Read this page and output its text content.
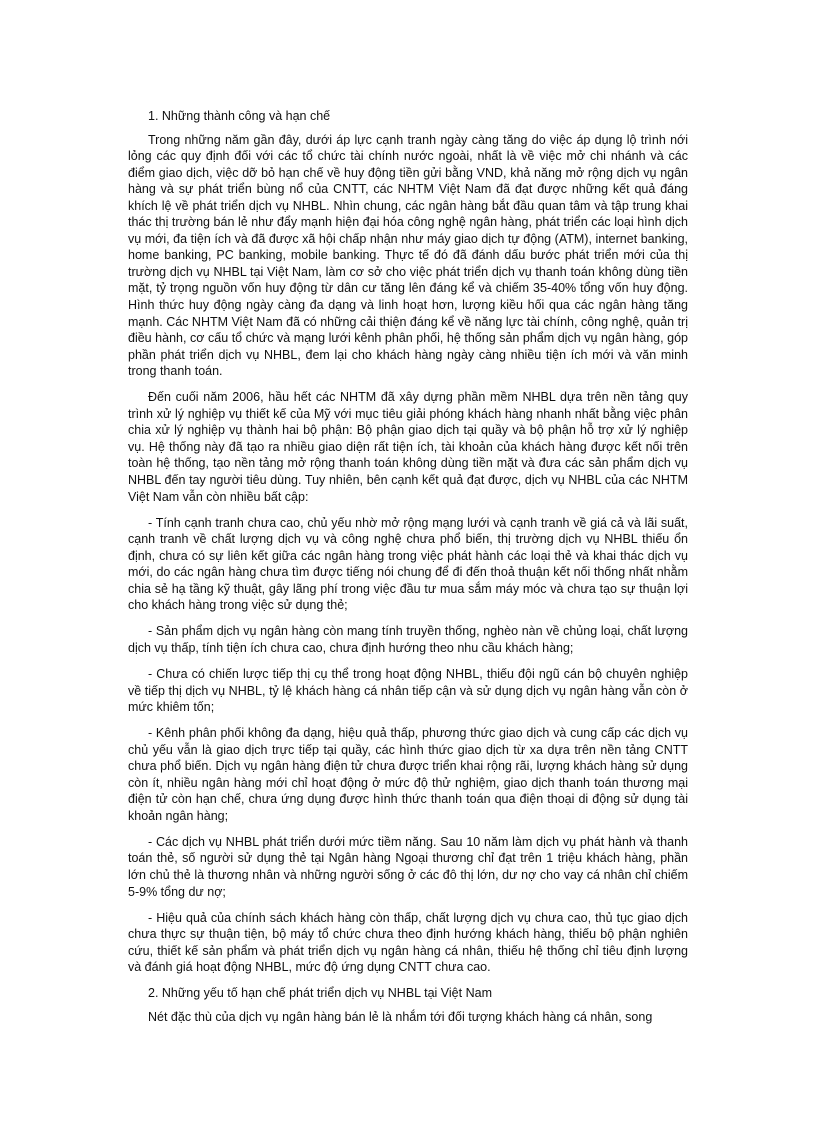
1. Những thành công và hạn chế

Trong những năm gần đây, dưới áp lực cạnh tranh ngày càng tăng do việc áp dụng lộ trình nới lỏng các quy định đối với các tổ chức tài chính nước ngoài, nhất là về việc mở chi nhánh và các điểm giao dịch, việc dỡ bỏ hạn chế về huy động tiền gửi bằng VND, khả năng mở rộng dịch vụ ngân hàng và sự phát triển bùng nổ của CNTT, các NHTM Việt Nam đã đạt được những kết quả đáng khích lệ về phát triển dịch vụ NHBL. Nhìn chung, các ngân hàng bắt đầu quan tâm và tập trung khai thác thị trường bán lẻ như đẩy mạnh hiện đại hóa công nghệ ngân hàng, phát triển các loại hình dịch vụ mới, đa tiện ích và đã được xã hội chấp nhận như máy giao dịch tự động (ATM), internet banking, home banking, PC banking, mobile banking. Thực tế đó đã đánh dấu bước phát triển mới của thị trường dịch vụ NHBL tại Việt Nam, làm cơ sở cho việc phát triển dịch vụ thanh toán không dùng tiền mặt, tỷ trọng nguồn vốn huy động từ dân cư tăng lên đáng kể và chiếm 35-40% tổng vốn huy động. Hình thức huy động ngày càng đa dạng và linh hoạt hơn, lượng kiều hối qua các ngân hàng tăng mạnh. Các NHTM Việt Nam đã có những cải thiện đáng kể về năng lực tài chính, công nghệ, quản trị điều hành, cơ cấu tổ chức và mạng lưới kênh phân phối, hệ thống sản phẩm dịch vụ ngân hàng, góp phần phát triển dịch vụ NHBL, đem lại cho khách hàng ngày càng nhiều tiện ích mới và văn minh trong thanh toán.

Đến cuối năm 2006, hầu hết các NHTM đã xây dựng phần mềm NHBL dựa trên nền tảng quy trình xử lý nghiệp vụ thiết kế của Mỹ với mục tiêu giải phóng khách hàng nhanh nhất bằng việc phân chia xử lý nghiệp vụ thành hai bộ phận: Bộ phận giao dịch tại quầy và bộ phận hỗ trợ xử lý nghiệp vụ. Hệ thống này đã tạo ra nhiều giao diện rất tiện ích, tài khoản của khách hàng được kết nối trên toàn hệ thống, tạo nền tảng mở rộng thanh toán không dùng tiền mặt và đưa các sản phẩm dịch vụ NHBL đến tay người tiêu dùng. Tuy nhiên, bên cạnh kết quả đạt được, dịch vụ NHBL của các NHTM Việt Nam vẫn còn nhiều bất cập:

- Tính cạnh tranh chưa cao, chủ yếu nhờ mở rộng mạng lưới và cạnh tranh về giá cả và lãi suất, cạnh tranh về chất lượng dịch vụ và công nghệ chưa phổ biến, thị trường dịch vụ NHBL thiếu ổn định, chưa có sự liên kết giữa các ngân hàng trong việc phát hành các loại thẻ và khai thác dịch vụ mới, do các ngân hàng chưa tìm được tiếng nói chung để đi đến thoả thuận kết nối thống nhất nhằm chia sẻ hạ tầng kỹ thuật, gây lãng phí trong việc đầu tư mua sắm máy móc và chưa tạo sự thuận lợi cho khách hàng trong việc sử dụng thẻ;

- Sản phẩm dịch vụ ngân hàng còn mang tính truyền thống, nghèo nàn về chủng loại, chất lượng dịch vụ thấp, tính tiện ích chưa cao, chưa định hướng theo nhu cầu khách hàng;

- Chưa có chiến lược tiếp thị cụ thể trong hoạt động NHBL, thiếu đội ngũ cán bộ chuyên nghiệp về tiếp thị dịch vụ NHBL, tỷ lệ khách hàng cá nhân tiếp cận và sử dụng dịch vụ ngân hàng vẫn còn ở mức khiêm tốn;

- Kênh phân phối không đa dạng, hiệu quả thấp, phương thức giao dịch và cung cấp các dịch vụ chủ yếu vẫn là giao dịch trực tiếp tại quầy, các hình thức giao dịch từ xa dựa trên nền tảng CNTT chưa phổ biến. Dịch vụ ngân hàng điện tử chưa được triển khai rộng rãi, lượng khách hàng sử dụng còn ít, nhiều ngân hàng mới chỉ hoạt động ở mức độ thử nghiệm, giao dịch thanh toán thương mại điện tử còn hạn chế, chưa ứng dụng được hình thức thanh toán qua điện thoại di động sử dụng tài khoản ngân hàng;

- Các dịch vụ NHBL phát triển dưới mức tiềm năng. Sau 10 năm làm dịch vụ phát hành và thanh toán thẻ, số người sử dụng thẻ tại Ngân hàng Ngoại thương chỉ đạt trên 1 triệu khách hàng, phần lớn chủ thẻ là thương nhân và những người sống ở các đô thị lớn, dư nợ cho vay cá nhân chỉ chiếm 5-9% tổng dư nợ;

- Hiệu quả của chính sách khách hàng còn thấp, chất lượng dịch vụ chưa cao, thủ tục giao dịch chưa thực sự thuận tiện, bộ máy tổ chức chưa theo định hướng khách hàng, thiếu bộ phận nghiên cứu, thiết kế sản phẩm và phát triển dịch vụ ngân hàng cá nhân, thiếu hệ thống chỉ tiêu định lượng và đánh giá hoạt động NHBL, mức độ ứng dụng CNTT chưa cao.

2. Những yếu tố hạn chế phát triển dịch vụ NHBL tại Việt Nam

Nét đặc thù của dịch vụ ngân hàng bán lẻ là nhắm tới đối tượng khách hàng cá nhân, song
